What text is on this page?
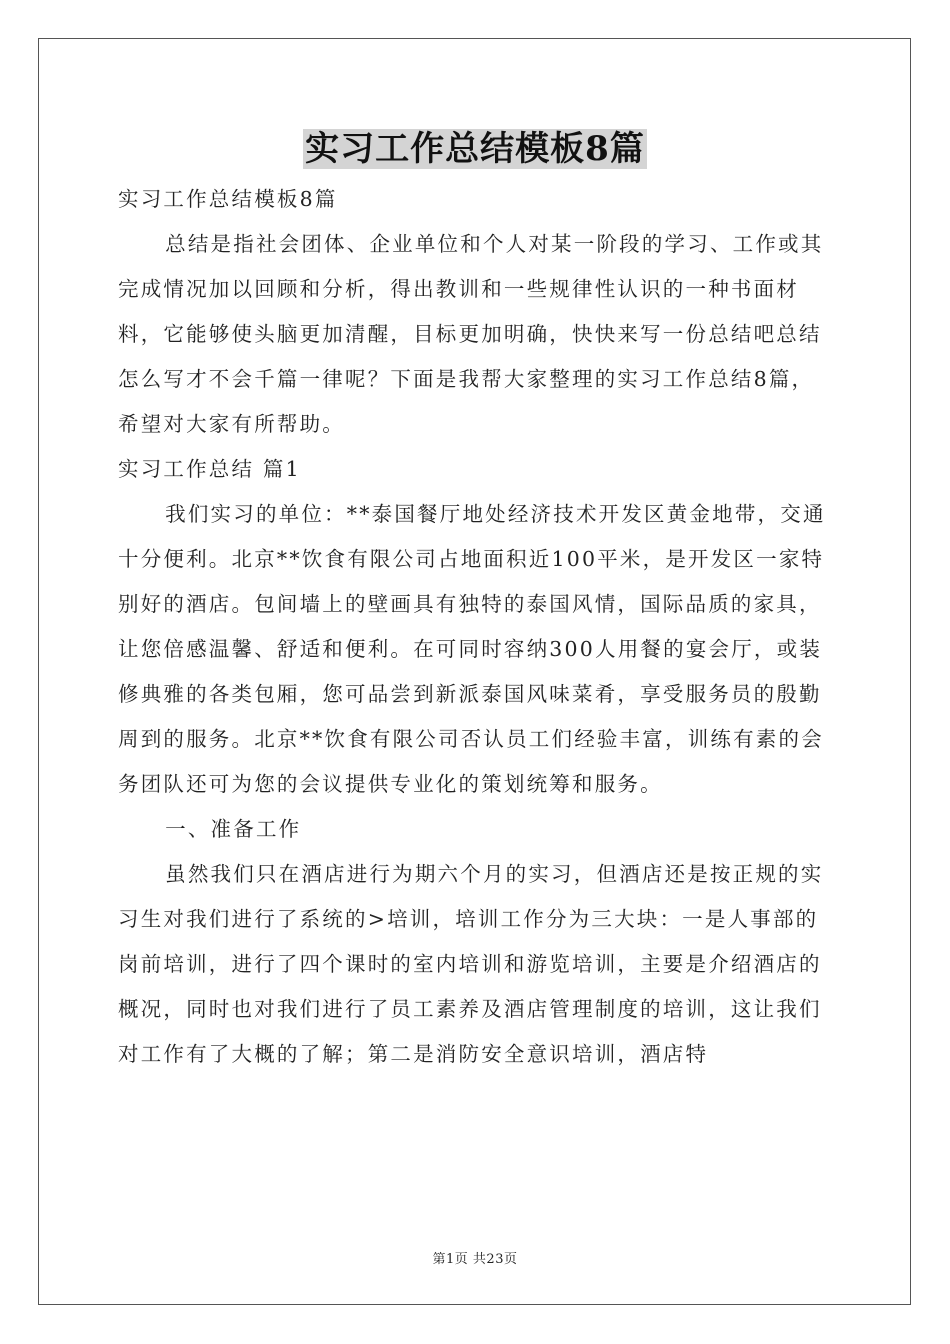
实习工作总结模板8篇

实习工作总结模板8篇

总结是指社会团体、企业单位和个人对某一阶段的学习、工作或其完成情况加以回顾和分析，得出教训和一些规律性认识的一种书面材料，它能够使头脑更加清醒，目标更加明确，快快来写一份总结吧总结怎么写才不会千篇一律呢？下面是我帮大家整理的实习工作总结8篇，希望对大家有所帮助。

实习工作总结 篇1

我们实习的单位：**泰国餐厅地处经济技术开发区黄金地带，交通十分便利。北京**饮食有限公司占地面积近100平米，是开发区一家特别好的酒店。包间墙上的壁画具有独特的泰国风情，国际品质的家具，让您倍感温馨、舒适和便利。在可同时容纳300人用餐的宴会厅，或装修典雅的各类包厢，您可品尝到新派泰国风味菜肴，享受服务员的殷勤周到的服务。北京**饮食有限公司否认员工们经验丰富，训练有素的会务团队还可为您的会议提供专业化的策划统筹和服务。

一、准备工作

虽然我们只在酒店进行为期六个月的实习，但酒店还是按正规的实习生对我们进行了系统的>培训，培训工作分为三大块：一是人事部的岗前培训，进行了四个课时的室内培训和游览培训，主要是介绍酒店的概况，同时也对我们进行了员工素养及酒店管理制度的培训，这让我们对工作有了大概的了解；第二是消防安全意识培训，酒店特

第1页 共23页
